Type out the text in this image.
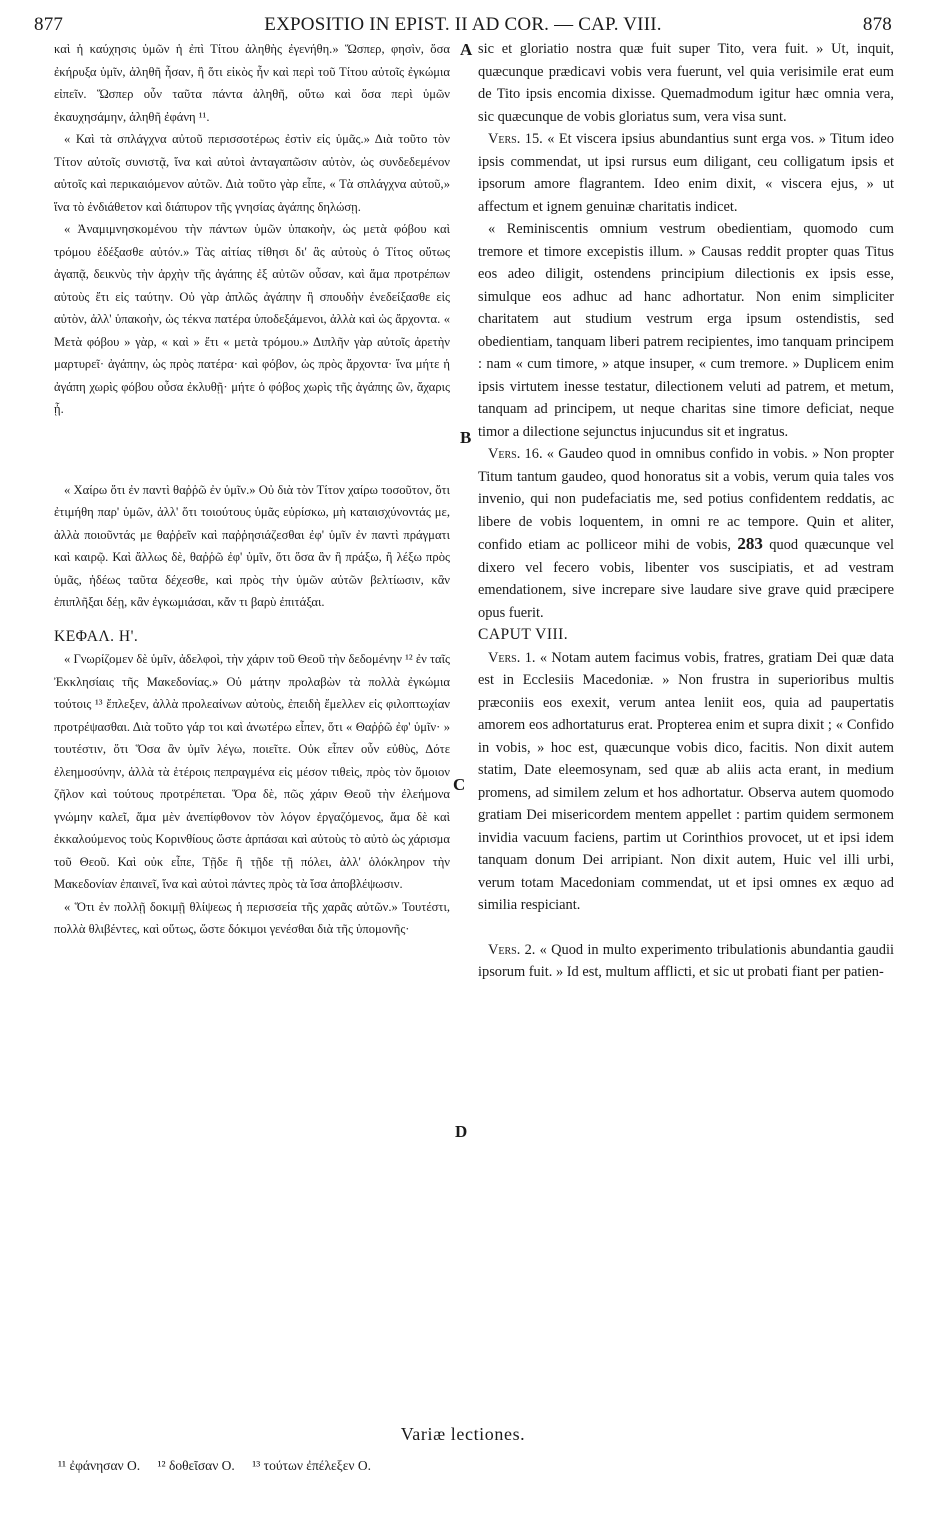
877	EXPOSITIO IN EPIST. II AD COR. — CAP. VIII.	878

καὶ ἡ καύχησις ὑμῶν ἡ ἐπὶ Τίτου ἀληθὴς ἐγενήθη.» Ὥσπερ, φησὶν, ὅσα ἐκήρυξα ὑμῖν, ἀληθῆ ἦσαν, ἢ ὅτι εἰκὸς ἦν καὶ περὶ τοῦ Τίτου αὐτοῖς ἐγκώμια εἰπεῖν. Ὥσπερ οὖν ταῦτα πάντα ἀληθῆ, οὕτω καὶ ὅσα περὶ ὑμῶν ἐκαυχησάμην, ἀληθῆ ἐφάνη ¹¹.

« Καὶ τὰ σπλάγχνα αὐτοῦ περισσοτέρως ἐστὶν εἰς ὑμᾶς.» Διὰ τοῦτο τὸν Τίτον αὐτοῖς συνιστᾷ, ἵνα καὶ αὐτοὶ ἀνταγαπῶσιν αὐτὸν, ὡς συνδεδεμένον αὐτοῖς καὶ περικαιόμενον αὐτῶν. Διὰ τοῦτο γὰρ εἶπε, « Τὰ σπλάγχνα αὐτοῦ,» ἵνα τὸ ἐνδιάθετον καὶ διάπυρον τῆς γνησίας ἀγάπης δηλώσῃ.

« Ἀναμιμνησκομένου τὴν πάντων ὑμῶν ὑπακοὴν, ὡς μετὰ φόβου καὶ τρόμου ἐδέξασθε αὐτόν.» Τὰς αἰτίας τίθησι δι' ἃς αὐτοὺς ὁ Τίτος οὕτως ἀγαπᾷ, δεικνὺς τὴν ἀρχὴν τῆς ἀγάπης ἐξ αὐτῶν οὖσαν, καὶ ἅμα προτρέπων αὐτοὺς ἔτι εἰς ταύτην. Οὐ γὰρ ἁπλῶς ἀγάπην ἢ σπουδὴν ἐνεδείξασθε εἰς αὐτὸν, ἀλλ' ὑπακοὴν, ὡς τέκνα πατέρα ὑποδεξάμενοι, ἀλλὰ καὶ ὡς ἄρχοντα. « Μετὰ φόβου » γὰρ, « καὶ » ἔτι « μετὰ τρόμου.» Διπλῆν γὰρ αὐτοῖς ἀρετὴν μαρτυρεῖ· ἀγάπην, ὡς πρὸς πατέρα· καὶ φόβον, ὡς πρὸς ἄρχοντα· ἵνα μήτε ἡ ἀγάπη χωρὶς φόβου οὖσα ἐκλυθῇ· μήτε ὁ φόβος χωρὶς τῆς ἀγάπης ὢν, ἄχαρις ᾖ.

« Χαίρω ὅτι ἐν παντὶ θαῤῥῶ ἐν ὑμῖν.» Οὐ διὰ τὸν Τίτον χαίρω τοσοῦτον, ὅτι ἐτιμήθη παρ' ὑμῶν, ἀλλ' ὅτι τοιούτους ὑμᾶς εὑρίσκω, μὴ καταισχύνοντάς με, ἀλλὰ ποιοῦντάς με θαῤῥεῖν καὶ παῤῥησιάζεσθαι ἐφ' ὑμῖν ἐν παντὶ πράγματι καὶ καιρῷ. Καὶ ἄλλως δὲ, θαῤῥῶ ἐφ' ὑμῖν, ὅτι ὅσα ἂν ἢ πράξω, ἢ λέξω πρὸς ὑμᾶς, ἡδέως ταῦτα δέχεσθε, καὶ πρὸς τὴν ὑμῶν αὐτῶν βελτίωσιν, κἂν ἐπιπλῆξαι δέῃ, κἂν ἐγκωμιάσαι, κἄν τι βαρὺ ἐπιτάξαι.

ΚΕΦΑΛ. Η'.

« Γνωρίζομεν δὲ ὑμῖν, ἀδελφοὶ, τὴν χάριν τοῦ Θεοῦ τὴν δεδομένην ¹² ἐν ταῖς Ἐκκλησίαις τῆς Μακεδονίας.» Οὐ μάτην προλαβὼν τὰ πολλὰ ἐγκώμια τούτοις ¹³ ἔπλεξεν, ἀλλὰ προλεαίνων αὐτοὺς, ἐπειδὴ ἔμελλεν εἰς φιλοπτωχίαν προτρέψασθαι. Διὰ τοῦτο γάρ τοι καὶ ἀνωτέρω εἶπεν, ὅτι « Θαῤῥῶ ἐφ' ὑμῖν· » τουτέστιν, ὅτι Ὅσα ἂν ὑμῖν λέγω, ποιεῖτε. Οὐκ εἶπεν οὖν εὐθὺς, Δότε ἐλεημοσύνην, ἀλλὰ τὰ ἑτέροις πεπραγμένα εἰς μέσον τιθεὶς, πρὸς τὸν ὅμοιον ζῆλον καὶ τούτους προτρέπεται. Ὅρα δὲ, πῶς χάριν Θεοῦ τὴν ἐλεήμονα γνώμην καλεῖ, ἅμα μὲν ἀνεπίφθονον τὸν λόγον ἐργαζόμενος, ἅμα δὲ καὶ ἐκκαλούμενος τοὺς Κορινθίους ὥστε ἁρπάσαι καὶ αὐτοὺς τὸ αὐτὸ ὡς χάρισμα τοῦ Θεοῦ. Καὶ οὐκ εἶπε, Τῇδε ἢ τῇδε τῇ πόλει, ἀλλ' ὁλόκληρον τὴν Μακεδονίαν ἐπαινεῖ, ἵνα καὶ αὐτοὶ πάντες πρὸς τὰ ἴσα ἀποβλέψωσιν.

« Ὅτι ἐν πολλῇ δοκιμῇ θλίψεως ἡ περισσεία τῆς χαρᾶς αὐτῶν.» Τουτέστι, πολλὰ θλιβέντες, καὶ οὕτως, ὥστε δόκιμοι γενέσθαι διὰ τῆς ὑπομονῆς·

A
B
C
D

sic et gloriatio nostra quæ fuit super Tito, vera fuit. » Ut, inquit, quæcunque prædicavi vobis vera fuerunt, vel quia verisimile erat eum de Tito ipsis encomia dixisse. Quemadmodum igitur hæc omnia vera, sic quæcunque de vobis gloriatus sum, vera visa sunt.

Vers. 15. « Et viscera ipsius abundantius sunt erga vos. » Titum ideo ipsis commendat, ut ipsi rursus eum diligant, ceu colligatum ipsis et ipsorum amore flagrantem. Ideo enim dixit, « viscera ejus, » ut affectum et ignem genuinæ charitatis indicet.

« Reminiscentis omnium vestrum obedientiam, quomodo cum tremore et timore excepistis illum. » Causas reddit propter quas Titus eos adeo diligit, ostendens principium dilectionis ex ipsis esse, simulque eos adhuc ad hanc adhortatur. Non enim simpliciter charitatem aut studium vestrum erga ipsum ostendistis, sed obedientiam, tanquam liberi patrem recipientes, imo tanquam principem : nam « cum timore, » atque insuper, « cum tremore. » Duplicem enim ipsis virtutem inesse testatur, dilectionem veluti ad patrem, et metum, tanquam ad principem, ut neque charitas sine timore deficiat, neque timor a dilectione sejunctus injucundus sit et ingratus.

Vers. 16. « Gaudeo quod in omnibus confido in vobis. » Non propter Titum tantum gaudeo, quod honoratus sit a vobis, verum quia tales vos invenio, qui non pudefaciatis me, sed potius confidentem reddatis, ac libere de vobis loquentem, in omni re ac tempore. Quin et aliter, confido etiam ac polliceor mihi de vobis, 283 quod quæcunque vel dixero vel fecero vobis, libenter vos suscipiatis, et ad vestram emendationem, sive increpare sive laudare sive grave quid præcipere opus fuerit.

CAPUT VIII.

Vers. 1. « Notam autem facimus vobis, fratres, gratiam Dei quæ data est in Ecclesiis Macedoniæ. » Non frustra in superioribus multis præconiis eos exexit, verum antea leniit eos, quia ad paupertatis amorem eos adhortaturus erat. Propterea enim et supra dixit ; « Confido in vobis, » hoc est, quæcunque vobis dico, facitis. Non dixit autem statim, Date eleemosynam, sed quæ ab aliis acta erant, in medium promens, ad similem zelum et hos adhortatur. Observa autem quomodo gratiam Dei misericordem mentem appellet : partim quidem sermonem invidia vacuum faciens, partim ut Corinthios provocet, ut et ipsi idem tanquam donum Dei arripiant. Non dixit autem, Huic vel illi urbi, verum totam Macedoniam commendat, ut et ipsi omnes ex æquo ad similia respiciant.

Vers. 2. « Quod in multo experimento tribulationis abundantia gaudii ipsorum fuit. » Id est, multum afflicti, et sic ut probati fiant per patien-

Variæ lectiones.
¹¹ ἐφάνησαν O. ¹² δοθεῖσαν O. ¹³ τούτων ἐπέλεξεν O.
